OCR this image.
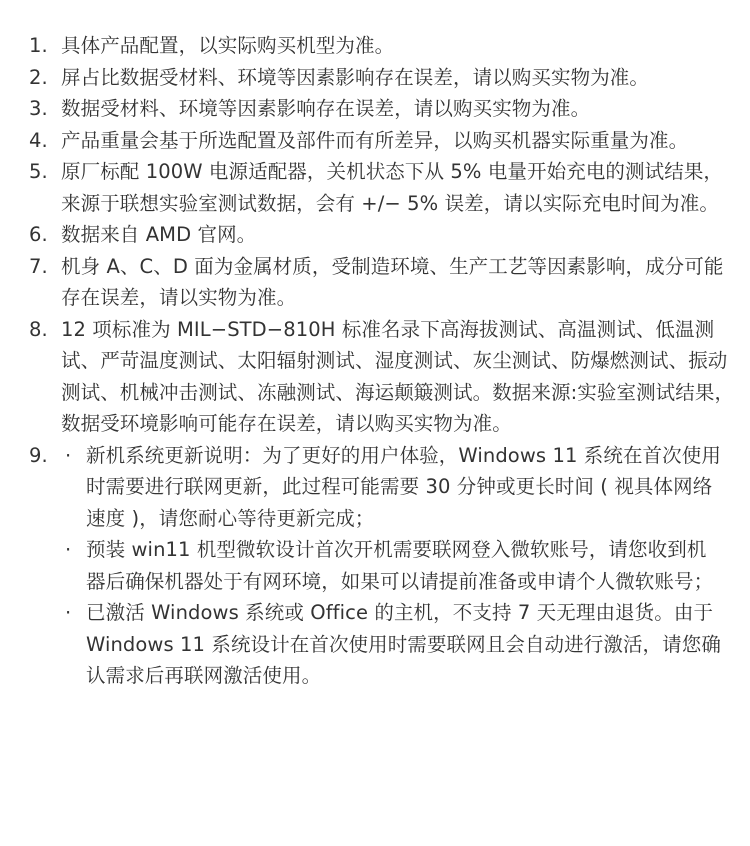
1. 具体产品配置，以实际购买机型为准。
2. 屏占比数据受材料、环境等因素影响存在误差，请以购买实物为准。
3. 数据受材料、环境等因素影响存在误差，请以购买实物为准。
4. 产品重量会基于所选配置及部件而有所差异，以购买机器实际重量为准。
5. 原厂标配 100W 电源适配器，关机状态下从 5% 电量开始充电的测试结果，来源于联想实验室测试数据，会有 +/− 5% 误差，请以实际充电时间为准。
6. 数据来自 AMD 官网。
7. 机身 A、C、D 面为金属材质，受制造环境、生产工艺等因素影响，成分可能存在误差，请以实物为准。
8. 12 项标准为 MIL−STD−810H 标准名录下高海拔测试、高温测试、低温测试、严苛温度测试、太阳辐射测试、湿度测试、灰尘测试、防爆燃测试、振动测试、机械冲击测试、冻融测试、海运颠簸测试。数据来源:实验室测试结果，数据受环境影响可能存在误差，请以购买实物为准。
9. · 新机系统更新说明：为了更好的用户体验，Windows 11 系统在首次使用时需要进行联网更新，此过程可能需要 30 分钟或更长时间 ( 视具体网络速度 )，请您耐心等待更新完成；
· 预装 win11 机型微软设计首次开机需要联网登入微软账号，请您收到机器后确保机器处于有网环境，如果可以请提前准备或申请个人微软账号；
· 已激活 Windows 系统或 Office 的主机，不支持 7 天无理由退货。由于 Windows 11 系统设计在首次使用时需要联网且会自动进行激活，请您确认需求后再联网激活使用。
